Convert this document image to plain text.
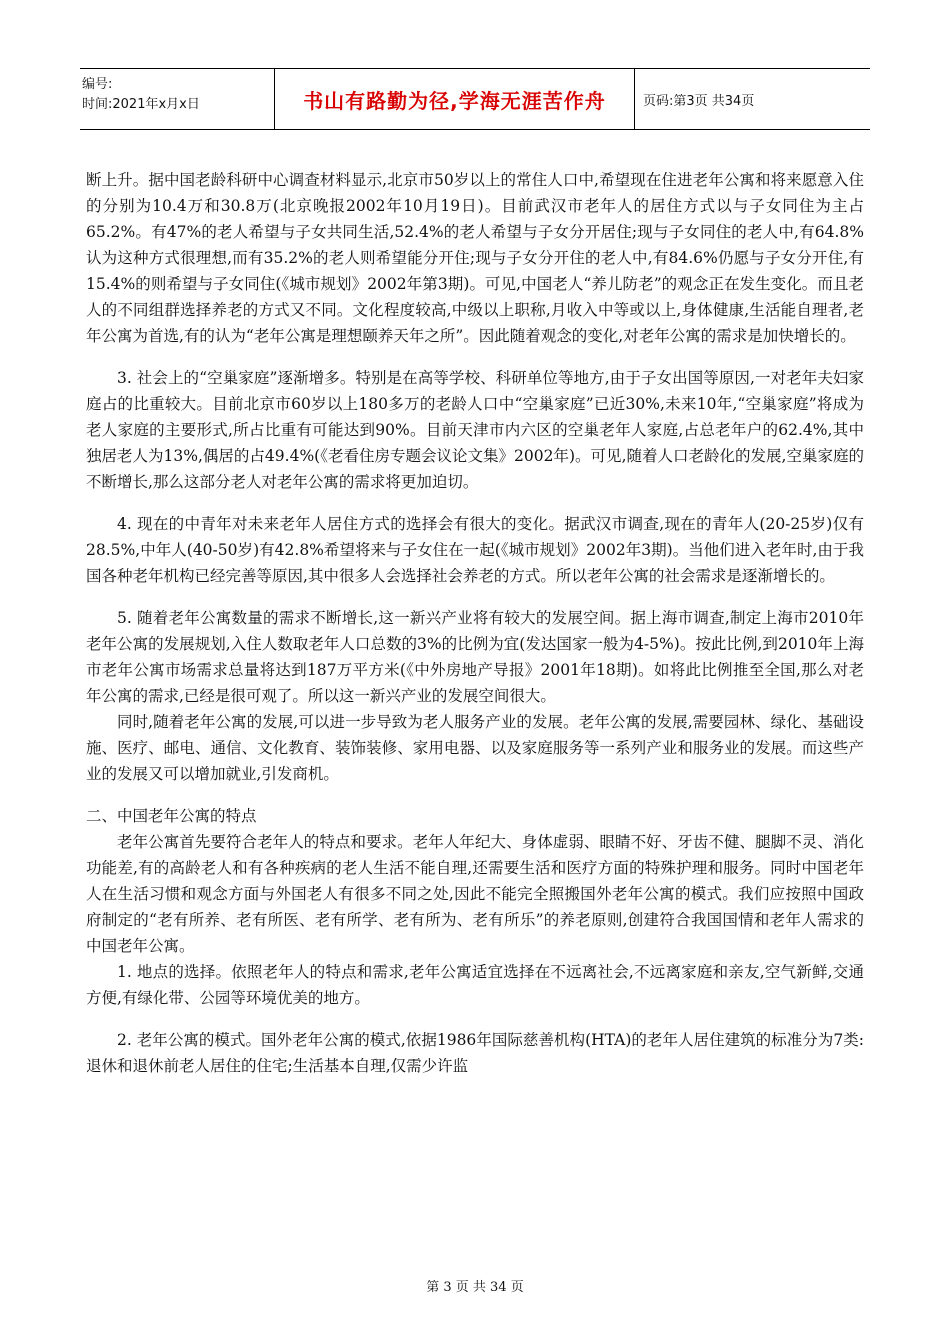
编号:
时间:2021年x月x日	书山有路勤为径,学海无涯苦作舟	页码:第3页 共34页

断上升。据中国老龄科研中心调查材料显示,北京市50岁以上的常住人口中,希望现在住进老年公寓和将来愿意入住的分别为10.4万和30.8万(北京晚报2002年10月19日)。目前武汉市老年人的居住方式以与子女同住为主占65.2%。有47%的老人希望与子女共同生活,52.4%的老人希望与子女分开居住;现与子女同住的老人中,有64.8%认为这种方式很理想,而有35.2%的老人则希望能分开住;现与子女分开住的老人中,有84.6%仍愿与子女分开住,有15.4%的则希望与子女同住(《城市规划》2002年第3期)。可见,中国老人“养儿防老”的观念正在发生变化。而且老人的不同组群选择养老的方式又不同。文化程度较高,中级以上职称,月收入中等或以上,身体健康,生活能自理者,老年公寓为首选,有的认为“老年公寓是理想颐养天年之所”。因此随着观念的变化,对老年公寓的需求是加快增长的。

3. 社会上的“空巢家庭”逐渐增多。特别是在高等学校、科研单位等地方,由于子女出国等原因,一对老年夫妇家庭占的比重较大。目前北京市60岁以上180多万的老龄人口中“空巢家庭”已近30%,未来10年,“空巢家庭”将成为老人家庭的主要形式,所占比重有可能达到90%。目前天津市内六区的空巢老年人家庭,占总老年户的62.4%,其中独居老人为13%,偶居的占49.4%(《老看住房专题会议论文集》2002年)。可见,随着人口老龄化的发展,空巢家庭的不断增长,那么这部分老人对老年公寓的需求将更加迫切。

4. 现在的中青年对未来老年人居住方式的选择会有很大的变化。据武汉市调查,现在的青年人(20-25岁)仅有28.5%,中年人(40-50岁)有42.8%希望将来与子女住在一起(《城市规划》2002年3期)。当他们进入老年时,由于我国各种老年机构已经完善等原因,其中很多人会选择社会养老的方式。所以老年公寓的社会需求是逐渐增长的。

5. 随着老年公寓数量的需求不断增长,这一新兴产业将有较大的发展空间。据上海市调查,制定上海市2010年老年公寓的发展规划,入住人数取老年人口总数的3%的比例为宜(发达国家一般为4-5%)。按此比例,到2010年上海市老年公寓市场需求总量将达到187万平方米(《中外房地产导报》2001年18期)。如将此比例推至全国,那么对老年公寓的需求,已经是很可观了。所以这一新兴产业的发展空间很大。

同时,随着老年公寓的发展,可以进一步导致为老人服务产业的发展。老年公寓的发展,需要园林、绿化、基础设施、医疗、邮电、通信、文化教育、装饰装修、家用电器、以及家庭服务等一系列产业和服务业的发展。而这些产业的发展又可以增加就业,引发商机。

二、中国老年公寓的特点

老年公寓首先要符合老年人的特点和要求。老年人年纪大、身体虚弱、眼睛不好、牙齿不健、腿脚不灵、消化功能差,有的高龄老人和有各种疾病的老人生活不能自理,还需要生活和医疗方面的特殊护理和服务。同时中国老年人在生活习惯和观念方面与外国老人有很多不同之处,因此不能完全照搬国外老年公寓的模式。我们应按照中国政府制定的“老有所养、老有所医、老有所学、老有所为、老有所乐”的养老原则,创建符合我国国情和老年人需求的中国老年公寓。

1. 地点的选择。依照老年人的特点和需求,老年公寓适宜选择在不远离社会,不远离家庭和亲友,空气新鲜,交通方便,有绿化带、公园等环境优美的地方。

2. 老年公寓的模式。国外老年公寓的模式,依据1986年国际慈善机构(HTA)的老年人居住建筑的标准分为7类:退休和退休前老人居住的住宅;生活基本自理,仅需少许监

第 3 页 共 34 页
